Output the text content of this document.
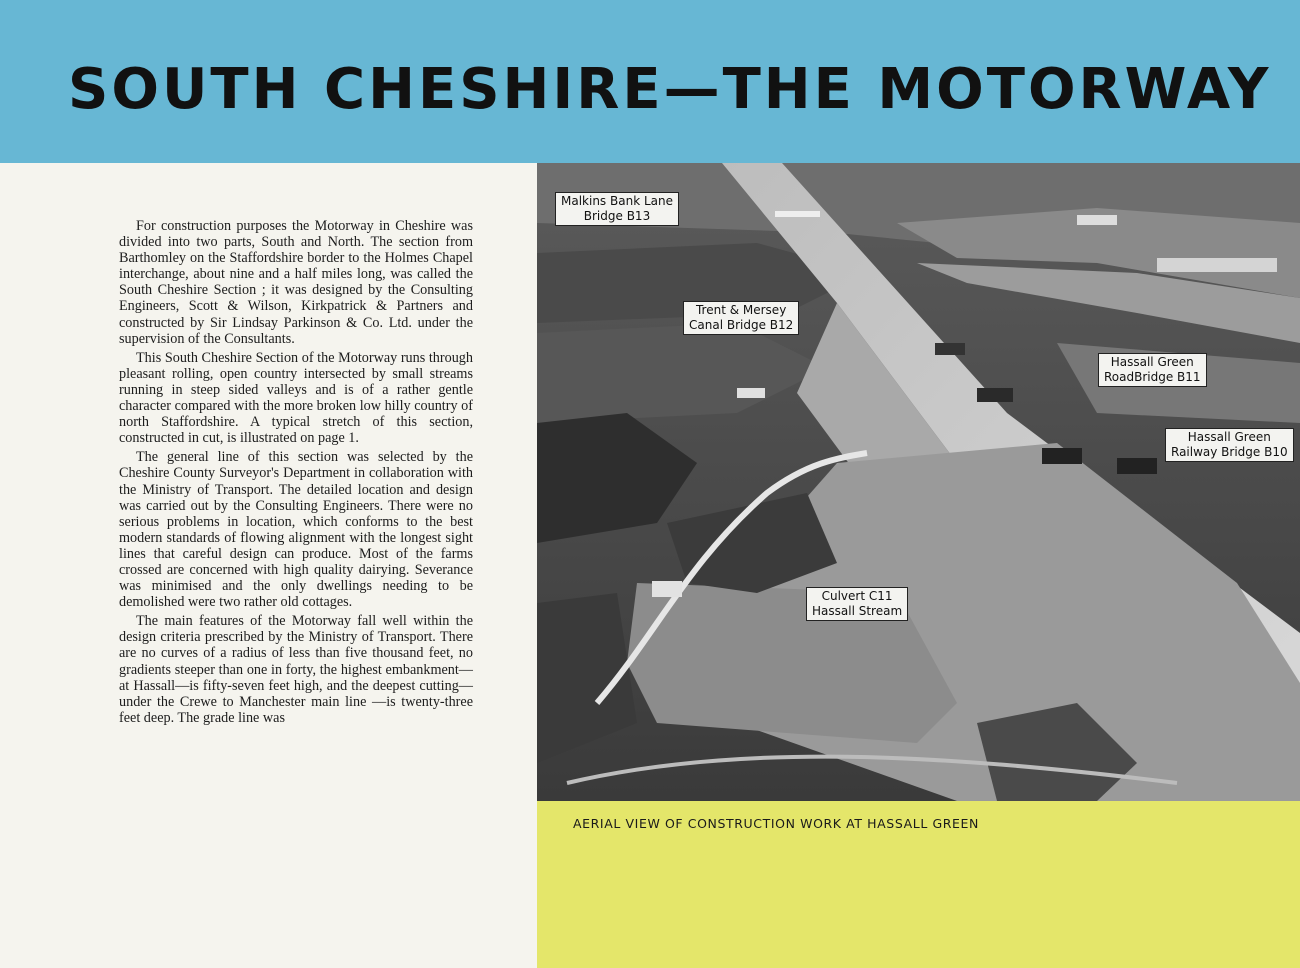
SOUTH CHESHIRE—THE MOTORWAY

For construction purposes the Motorway in Cheshire was divided into two parts, South and North. The section from Barthomley on the Staffordshire border to the Holmes Chapel interchange, about nine and a half miles long, was called the South Cheshire Section ; it was designed by the Consulting Engineers, Scott & Wilson, Kirkpatrick & Partners and constructed by Sir Lindsay Parkinson & Co. Ltd. under the supervision of the Consultants.

This South Cheshire Section of the Motorway runs through pleasant rolling, open country intersected by small streams running in steep sided valleys and is of a rather gentle character compared with the more broken low hilly country of north Staffordshire. A typical stretch of this section, constructed in cut, is illustrated on page 1.

The general line of this section was selected by the Cheshire County Surveyor's Department in collaboration with the Ministry of Transport. The detailed location and design was carried out by the Consulting Engineers. There were no serious problems in location, which conforms to the best modern standards of flowing alignment with the longest sight lines that careful design can produce. Most of the farms crossed are concerned with high quality dairying. Severance was minimised and the only dwellings needing to be demolished were two rather old cottages.

The main features of the Motorway fall well within the design criteria prescribed by the Ministry of Transport. There are no curves of a radius of less than five thousand feet, no gradients steeper than one in forty, the highest embankment—at Hassall—is fifty-seven feet high, and the deepest cutting—under the Crewe to Manchester main line —is twenty-three feet deep. The grade line was

Malkins Bank Lane
Bridge B13
Trent & Mersey
Canal Bridge B12
Hassall Green
RoadBridge B11
Hassall Green
Railway Bridge B10
Culvert C11
Hassall Stream
AERIAL VIEW OF CONSTRUCTION WORK AT HASSALL GREEN
